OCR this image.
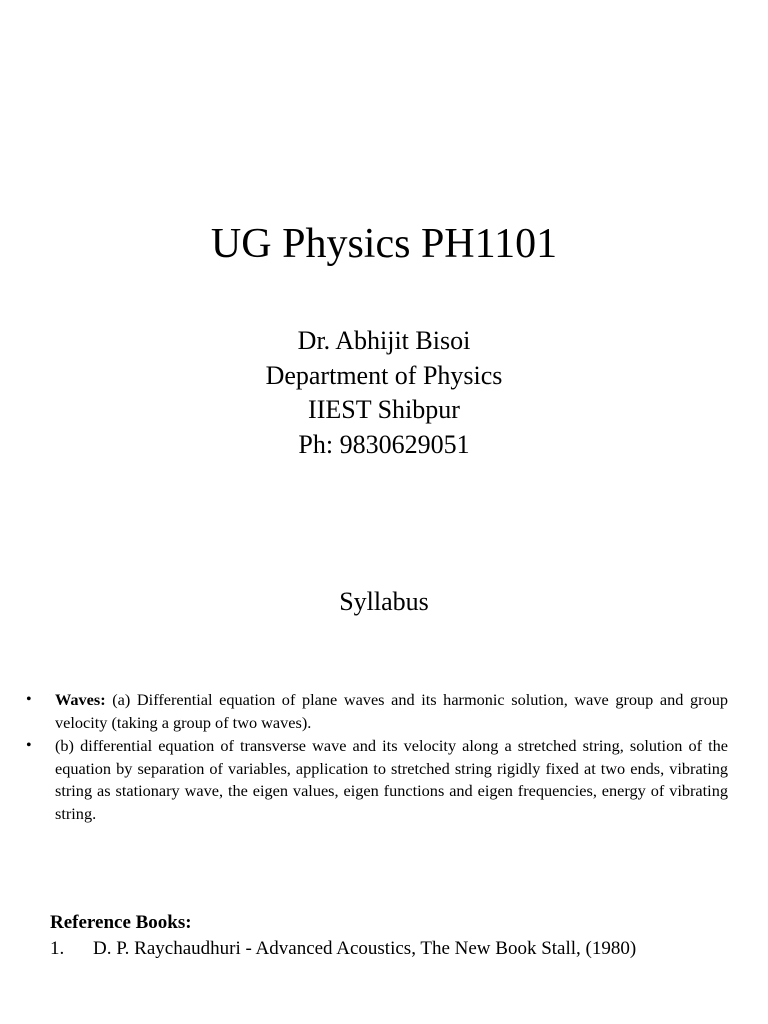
UG Physics PH1101
Dr. Abhijit Bisoi
Department of Physics
IIEST Shibpur
Ph: 9830629051
Syllabus
• Waves: (a) Differential equation of plane waves and its harmonic solution, wave group and group velocity (taking a group of two waves).
• (b) differential equation of transverse wave and its velocity along a stretched string, solution of the equation by separation of variables, application to stretched string rigidly fixed at two ends, vibrating string as stationary wave, the eigen values, eigen functions and eigen frequencies, energy of vibrating string.
Reference Books:
1. D. P. Raychaudhuri - Advanced Acoustics, The New Book Stall, (1980)
